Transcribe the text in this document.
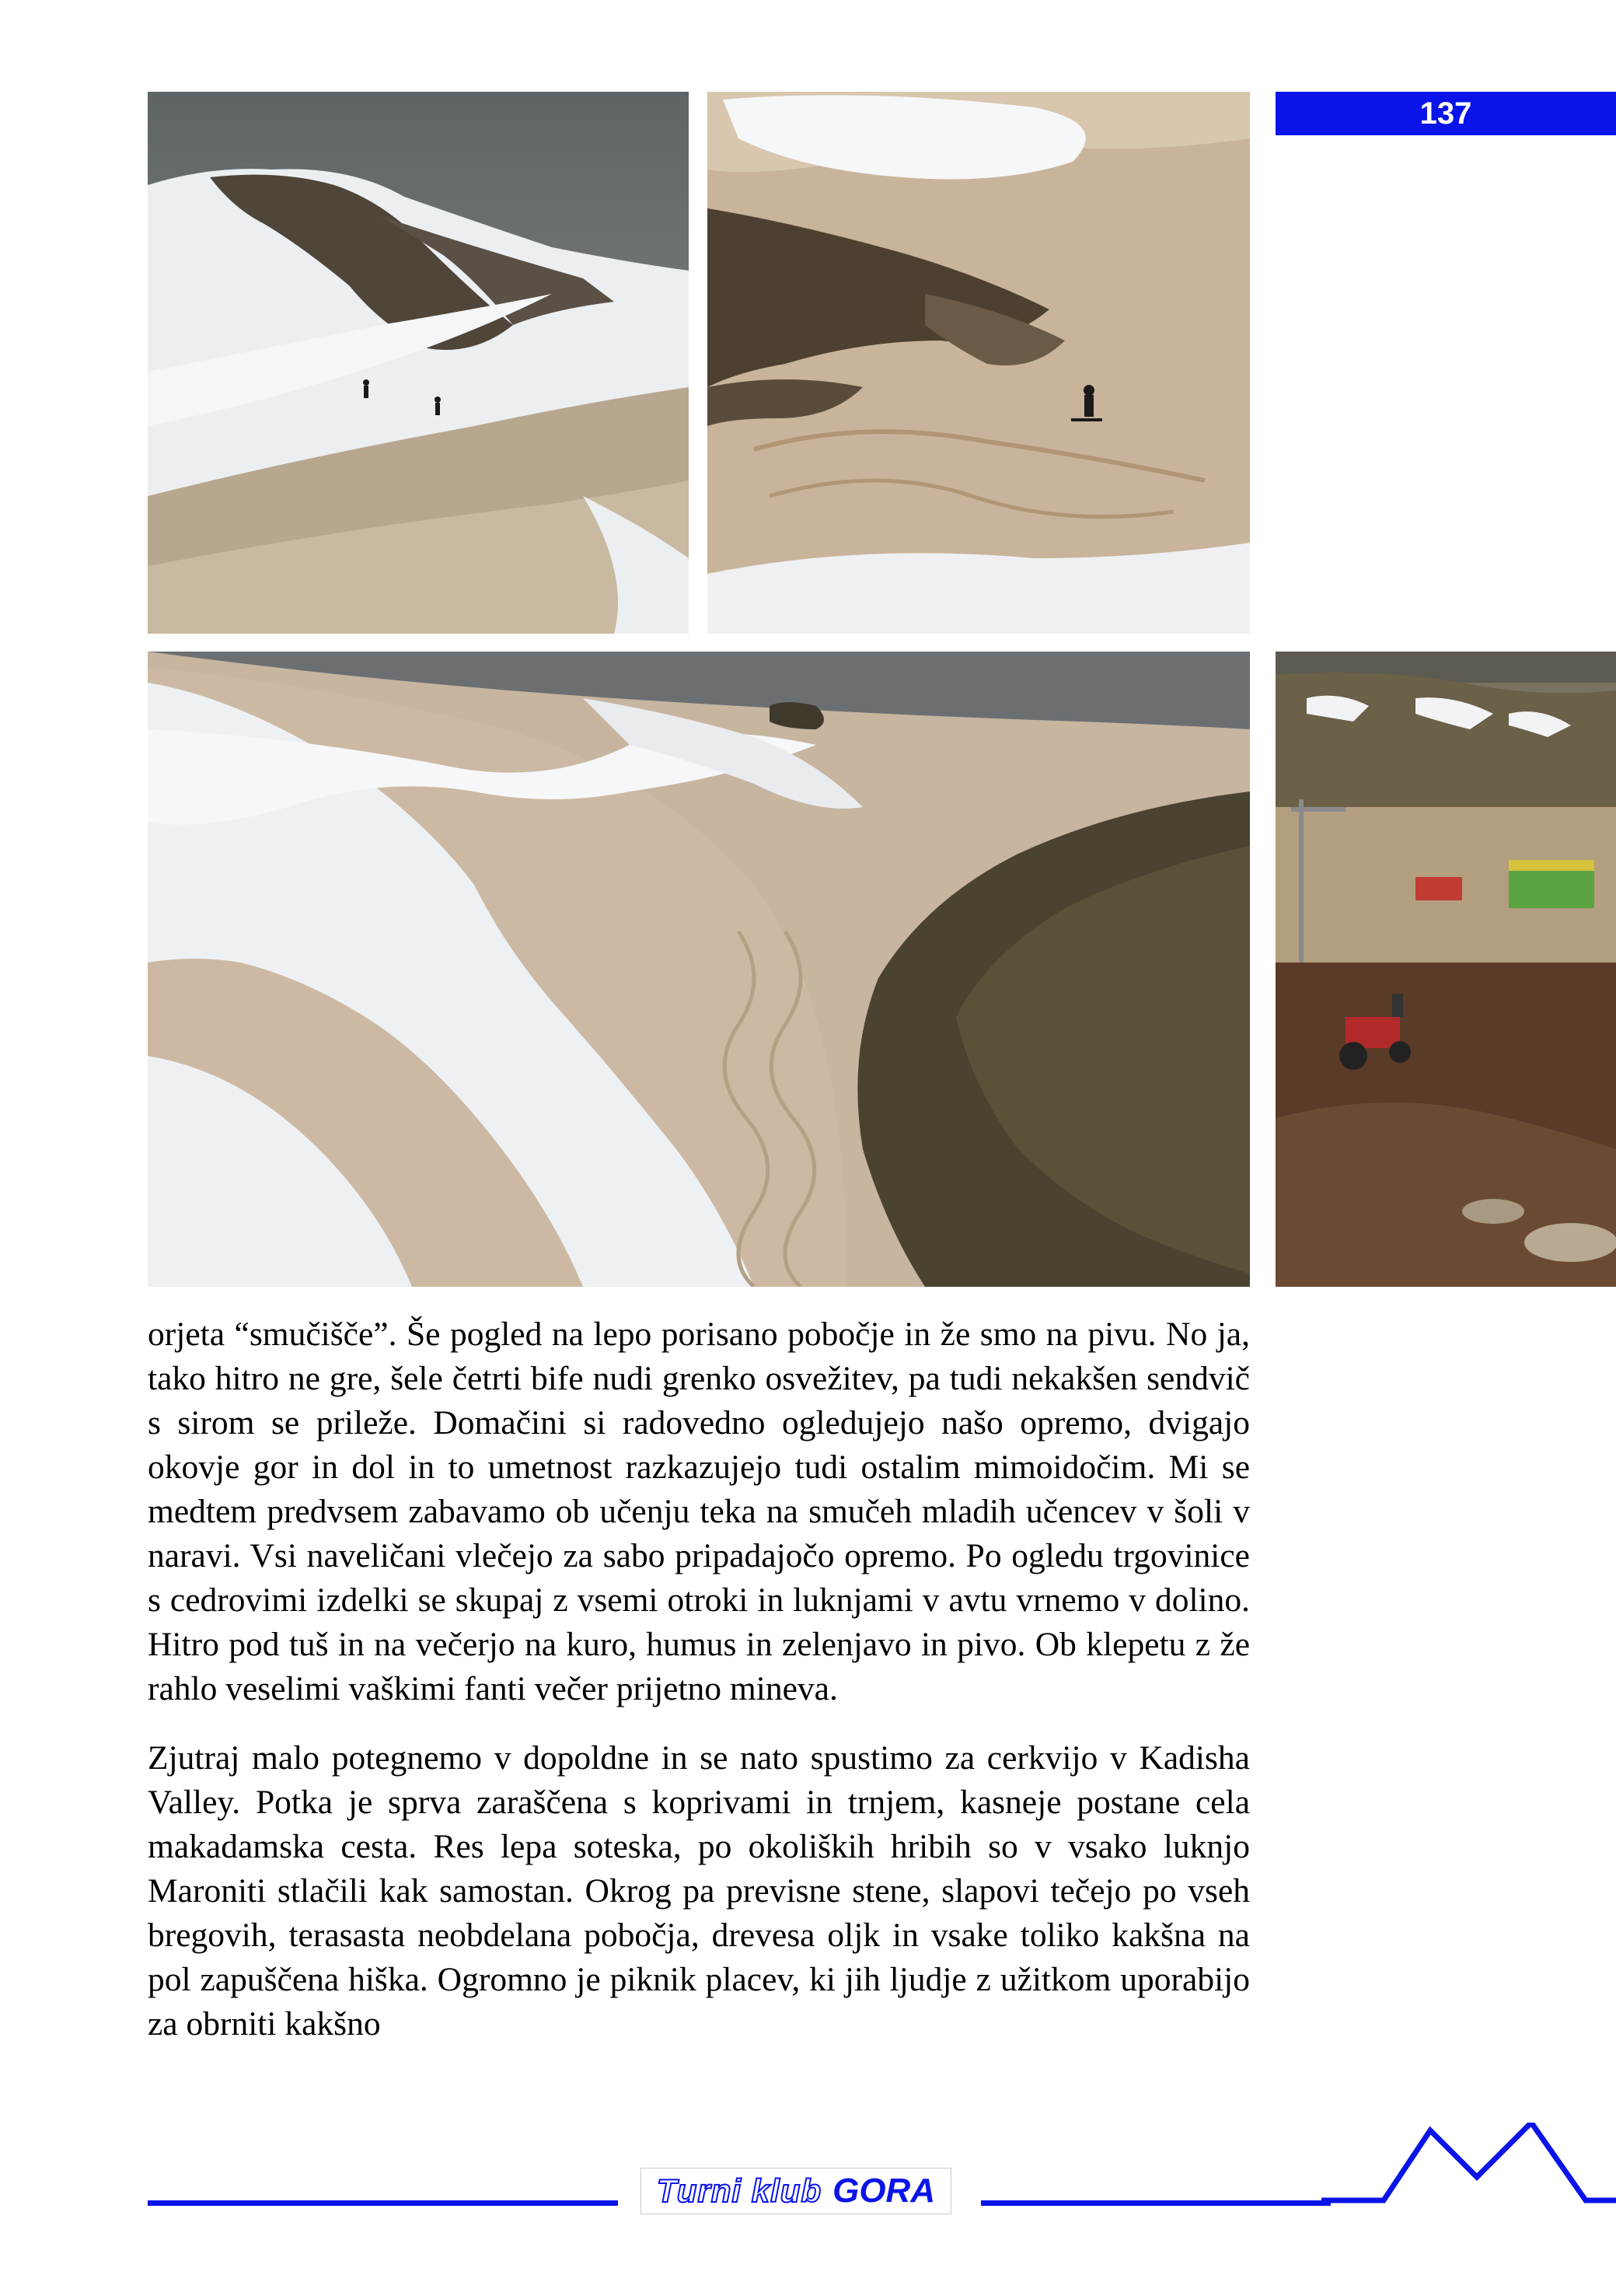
137

orjeta “smučišče”. Še pogled na lepo porisano pobočje in že smo na pivu. No ja, tako hitro ne gre, šele četrti bife nudi grenko osvežitev, pa tudi nekakšen sendvič s sirom se prileže. Domačini si radovedno ogledujejo našo opremo, dvigajo okovje gor in dol in to umetnost razkazujejo tudi ostalim mimoidočim. Mi se medtem predvsem zabavamo ob učenju teka na smučeh mladih učencev v šoli v naravi. Vsi naveličani vlečejo za sabo pripadajočo opremo. Po ogledu trgovinice s cedrovimi izdelki se skupaj z vsemi otroki in luknjami v avtu vrnemo v dolino. Hitro pod tuš in na večerjo na kuro, humus in zelenjavo in pivo. Ob klepetu z že rahlo veselimi vaškimi fanti večer prijetno mineva.

Zjutraj malo potegnemo v dopoldne in se nato spustimo za cerkvijo v Kadisha Valley. Potka je sprva zaraščena s koprivami in trnjem, kasneje postane cela makadamska cesta. Res lepa soteska, po okoliških hribih so v vsako luknjo Maroniti stlačili kak samostan. Okrog pa previsne stene, slapovi tečejo po vseh bregovih, terasasta neobdelana pobočja, drevesa oljk in vsake toliko kakšna na pol zapuščena hiška. Ogromno je piknik placev, ki jih ljudje z užitkom uporabijo za obrniti kakšno

Turni klub GORA
